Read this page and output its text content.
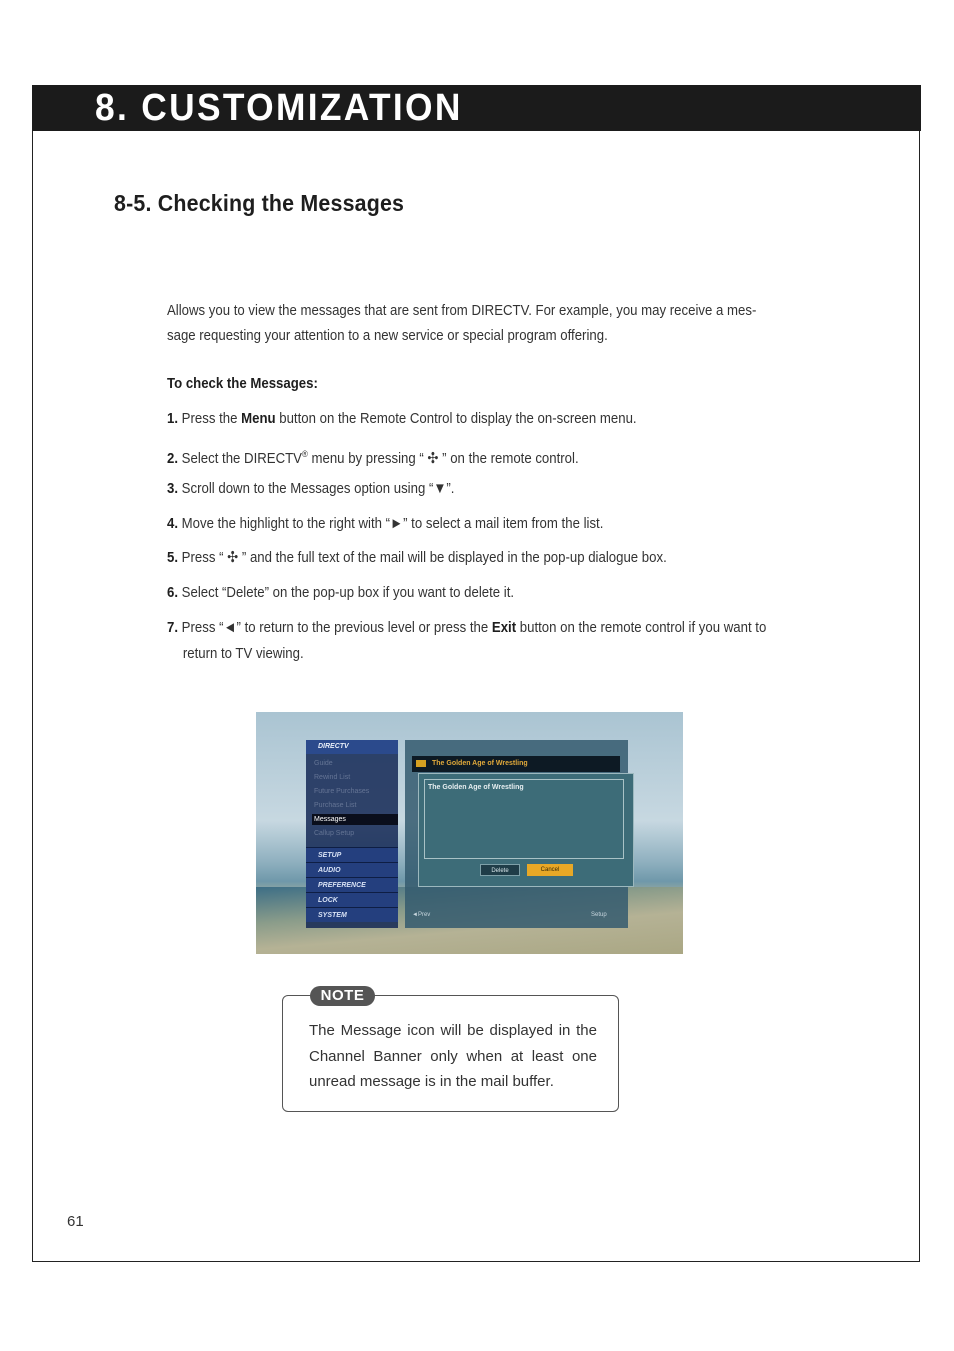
8. CUSTOMIZATION
8-5. Checking the Messages
Allows you to view the messages that are sent from DIRECTV. For example, you may receive a mes-
sage requesting your attention to a new service or special program offering.
To check the Messages:
1. Press the Menu button on the Remote Control to display the on-screen menu.
2. Select the DIRECTV® menu by pressing “ ✣ ” on the remote control.
3. Scroll down to the Messages option using “▼”.
4. Move the highlight to the right with “►” to select a mail item from the list.
5. Press “ ✣ ” and the full text of the mail will be displayed in the pop-up dialogue box.
6. Select “Delete” on the pop-up box if you want to delete it.
7. Press “◄” to return to the previous level or press the Exit button on the remote control if you want to
return to TV viewing.
DIRECTV
Guide
Rewind List
Future Purchases
Purchase List
Messages
Callup Setup
SETUP
AUDIO
PREFERENCE
LOCK
SYSTEM
The Golden Age of Wrestling
The Golden Age of Wrestling
Delete	Cancel
◄Prev	Setup
NOTE
The Message icon will be displayed in the Channel Banner only when at least one unread message is in the mail buffer.
61
